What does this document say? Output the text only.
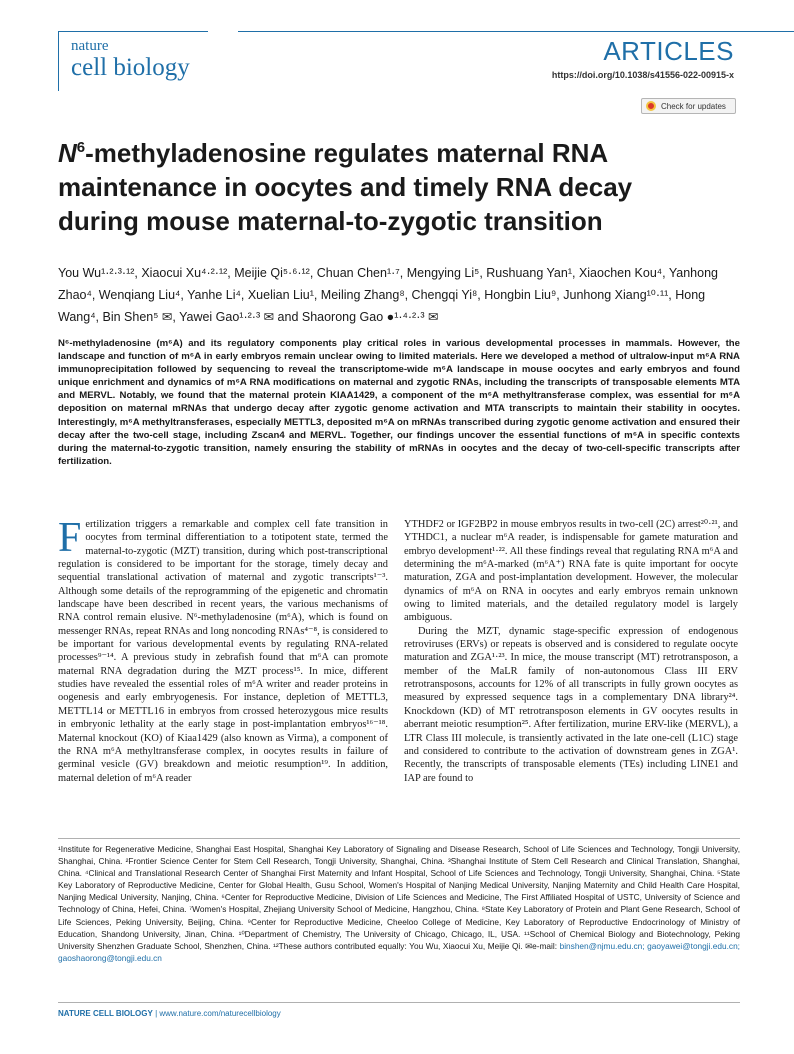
nature
cell biology
ARTICLES
https://doi.org/10.1038/s41556-022-00915-x
Check for updates
$N^6$-methyladenosine regulates maternal RNA maintenance in oocytes and timely RNA decay during mouse maternal-to-zygotic transition
You Wu¹·²·³·¹², Xiaocui Xu⁴·²·¹², Meijie Qi⁵·⁶·¹², Chuan Chen¹·⁷, Mengying Li⁵, Rushuang Yan¹, Xiaochen Kou⁴, Yanhong Zhao⁴, Wenqiang Liu⁴, Yanhe Li⁴, Xuelian Liu¹, Meiling Zhang⁸, Chengqi Yi⁸, Hongbin Liu⁹, Junhong Xiang¹⁰·¹¹, Hong Wang⁴, Bin Shen⁵ ✉, Yawei Gao¹·²·³ ✉ and Shaorong Gao ●¹·⁴·²·³ ✉
N⁶-methyladenosine (m⁶A) and its regulatory components play critical roles in various developmental processes in mammals. However, the landscape and function of m⁶A in early embryos remain unclear owing to limited materials. Here we developed a method of ultralow-input m⁶A RNA immunoprecipitation followed by sequencing to reveal the transcriptome-wide m⁶A landscape in mouse oocytes and early embryos and found unique enrichment and dynamics of m⁶A RNA modifications on maternal and zygotic RNAs, including the transcripts of transposable elements MTA and MERVL. Notably, we found that the maternal protein KIAA1429, a component of the m⁶A methyltransferase complex, was essential for m⁶A deposition on maternal mRNAs that undergo decay after zygotic genome activation and MTA transcripts to maintain their stability in oocytes. Interestingly, m⁶A methyltransferases, especially METTL3, deposited m⁶A on mRNAs transcribed during zygotic genome activation and ensured their decay after the two-cell stage, including Zscan4 and MERVL. Together, our findings uncover the essential functions of m⁶A in specific contexts during the maternal-to-zygotic transition, namely ensuring the stability of mRNAs in oocytes and the decay of two-cell-specific transcripts after fertilization.
F ertilization triggers a remarkable and complex cell fate transition in oocytes from terminal differentiation to a totipotent state, termed the maternal-to-zygotic (MZT) transition, during which post-transcriptional regulation is considered to be important for the storage, timely decay and sequential translational activation of maternal and zygotic transcripts¹⁻³. Although some details of the reprogramming of the epigenetic and chromatin landscape have been described in recent years, the various mechanisms of RNA control remain elusive. N⁶-methyladenosine (m⁶A), which is found on messenger RNAs, repeat RNAs and long noncoding RNAs⁴⁻⁸, is considered to be important for various developmental events by regulating RNA-related processes⁹⁻¹⁴. A previous study in zebrafish found that m⁶A can promote maternal RNA degradation during the MZT process¹⁵. In mice, different studies have revealed the essential roles of m⁶A writer and reader proteins in oogenesis and early embryogenesis. For instance, depletion of METTL3, METTL14 or METTL16 in embryos from crossed heterozygous mice results in embryonic lethality at the early stage in post-implantation embryos¹⁶⁻¹⁸. Maternal knockout (KO) of Kiaa1429 (also known as Virma), a component of the RNA m⁶A methyltransferase complex, in oocytes results in failure of germinal vesicle (GV) breakdown and meiotic resumption¹⁹. In addition, maternal deletion of m⁶A reader

YTHDF2 or IGF2BP2 in mouse embryos results in two-cell (2C) arrest²⁰·²¹, and YTHDC1, a nuclear m⁶A reader, is indispensable for gamete maturation and embryo development¹·²². All these findings reveal that regulating RNA m⁶A and determining the m⁶A-marked (m⁶A⁺) RNA fate is quite important for oocyte maturation, ZGA and post-implantation development. However, the molecular dynamics of m⁶A on RNA in oocytes and early embryos remain unknown owing to limited materials, and the detailed regulatory model is largely ambiguous.

During the MZT, dynamic stage-specific expression of endogenous retroviruses (ERVs) or repeats is observed and is considered to regulate oocyte maturation and ZGA¹·²³. In mice, the mouse transcript (MT) retrotransposon, a member of the MaLR family of non-autonomous Class III ERV retrotransposons, accounts for 12% of all transcripts in fully grown oocytes as measured by expressed sequence tags in a complementary DNA library²⁴. Knockdown (KD) of MT retrotransposon elements in GV oocytes results in aberrant meiotic resumption²⁵. After fertilization, murine ERV-like (MERVL), a LTR Class III molecule, is transiently activated in the late one-cell (L1C) stage and considered to contribute to the activation of downstream genes in ZGA¹. Recently, the transcripts of transposable elements (TEs) including LINE1 and IAP are found to

¹Institute for Regenerative Medicine, Shanghai East Hospital, Shanghai Key Laboratory of Signaling and Disease Research, School of Life Sciences and Technology, Tongji University, Shanghai, China. ²Frontier Science Center for Stem Cell Research, Tongji University, Shanghai, China. ³Shanghai Institute of Stem Cell Research and Clinical Translation, Shanghai, China. ⁴Clinical and Translational Research Center of Shanghai First Maternity and Infant Hospital, School of Life Sciences and Technology, Tongji University, Shanghai, China. ⁵State Key Laboratory of Reproductive Medicine, Center for Global Health, Gusu School, Women's Hospital of Nanjing Medical University, Nanjing Maternity and Child Health Care Hospital, Nanjing Medical University, Nanjing, China. ⁶Center for Reproductive Medicine, Division of Life Sciences and Medicine, The First Affiliated Hospital of USTC, University of Science and Technology of China, Hefei, China. ⁷Women's Hospital, Zhejiang University School of Medicine, Hangzhou, China. ⁸State Key Laboratory of Protein and Plant Gene Research, School of Life Sciences, Peking University, Beijing, China. ⁹Center for Reproductive Medicine, Cheeloo College of Medicine, Key Laboratory of Reproductive Endocrinology of Ministry of Education, Shandong University, Jinan, China. ¹⁰Department of Chemistry, The University of Chicago, Chicago, IL, USA. ¹¹School of Chemical Biology and Biotechnology, Peking University Shenzhen Graduate School, Shenzhen, China. ¹²These authors contributed equally: You Wu, Xiaocui Xu, Meijie Qi. ✉e-mail: binshen@njmu.edu.cn; gaoyawei@tongji.edu.cn; gaoshaorong@tongji.edu.cn
NATURE CELL BIOLOGY | www.nature.com/naturecellbiology
